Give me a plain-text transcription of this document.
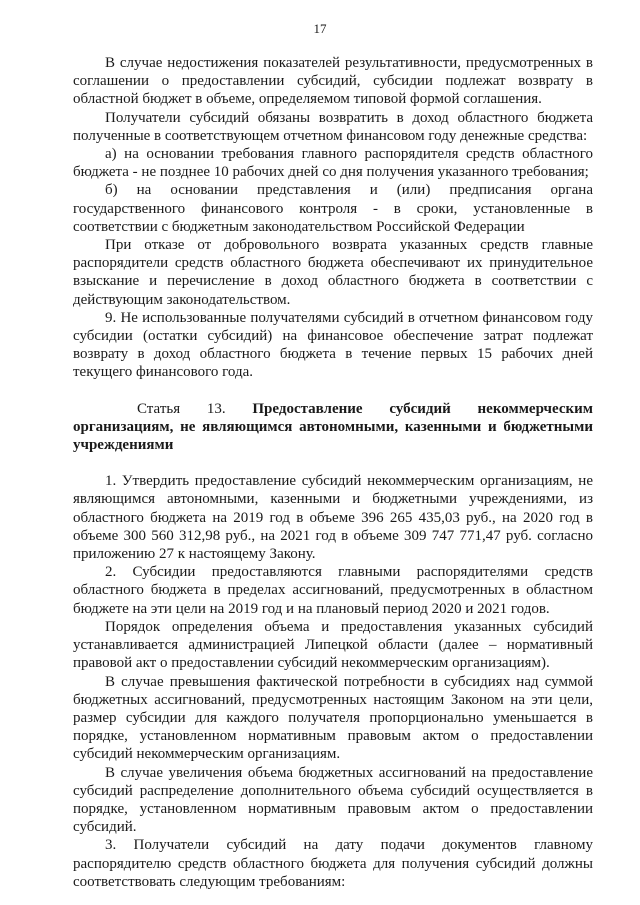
17

В случае недостижения показателей результативности, предусмотренных в соглашении о предоставлении субсидий, субсидии подлежат возврату в областной бюджет в объеме, определяемом типовой формой соглашения.

Получатели субсидий обязаны возвратить в доход областного бюджета полученные в соответствующем отчетном финансовом году денежные средства:

а) на основании требования главного распорядителя средств областного бюджета - не позднее 10 рабочих дней со дня получения указанного требования;

б) на основании представления и (или) предписания органа государственного финансового контроля - в сроки, установленные в соответствии с бюджетным законодательством Российской Федерации

При отказе от добровольного возврата указанных средств главные распорядители средств областного бюджета обеспечивают их принудительное взыскание и перечисление в доход областного бюджета в соответствии с действующим законодательством.

9. Не использованные получателями субсидий в отчетном финансовом году субсидии (остатки субсидий) на финансовое обеспечение затрат подлежат возврату в доход областного бюджета в течение первых 15 рабочих дней текущего финансового года.

Статья 13. Предоставление субсидий некоммерческим организациям, не являющимся автономными, казенными и бюджетными учреждениями

1. Утвердить предоставление субсидий некоммерческим организациям, не являющимся автономными, казенными и бюджетными учреждениями, из областного бюджета на 2019 год в объеме 396 265 435,03 руб., на 2020 год в объеме 300 560 312,98 руб., на 2021 год в объеме 309 747 771,47 руб. согласно приложению 27 к настоящему Закону.

2. Субсидии предоставляются главными распорядителями средств областного бюджета в пределах ассигнований, предусмотренных в областном бюджете на эти цели на 2019 год и на плановый период 2020 и 2021 годов.

Порядок определения объема и предоставления указанных субсидий устанавливается администрацией Липецкой области (далее – нормативный правовой акт о предоставлении субсидий некоммерческим организациям).

В случае превышения фактической потребности в субсидиях над суммой бюджетных ассигнований, предусмотренных настоящим Законом на эти цели, размер субсидии для каждого получателя пропорционально уменьшается в порядке, установленном нормативным правовым актом о предоставлении субсидий некоммерческим организациям.

В случае увеличения объема бюджетных ассигнований на предоставление субсидий распределение дополнительного объема субсидий осуществляется в порядке, установленном нормативным правовым актом о предоставлении субсидий.

3. Получатели субсидий на дату подачи документов главному распорядителю средств областного бюджета для получения субсидий должны соответствовать следующим требованиям:
